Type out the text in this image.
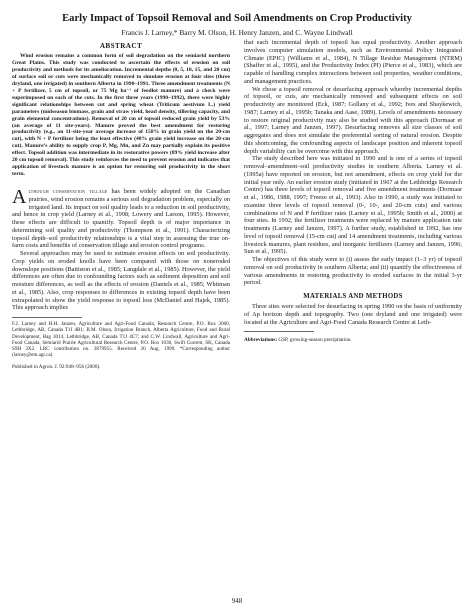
Early Impact of Topsoil Removal and Soil Amendments on Crop Productivity
Francis J. Larney,* Barry M. Olson, H. Henry Janzen, and C. Wayne Lindwall
ABSTRACT

Wind erosion remains a common form of soil degradation on the semiarid northern Great Plains. This study was conducted to ascertain the effects of erosion on soil productivity and methods for its amelioration. Incremental depths (0, 5, 10, 15, and 20 cm) of surface soil or cuts were mechanically removed to simulate erosion at four sites (three dryland, one irrigated) in southern Alberta in 1990–1991. Three amendment treatments (N + P fertilizer, 5 cm of topsoil, or 75 Mg ha⁻¹ of feedlot manure) and a check were superimposed on each of the cuts. In the first three years (1990–1992), there were highly significant relationships between cut and spring wheat (Triticum aestivum L.) yield parameters (midseason biomass, grain and straw yield, head density, tillering capacity, and grain elemental concentrations). Removal of 20 cm of topsoil reduced grain yield by 53% (an average of 11 site-years). Manure proved the best amendment for restoring productivity (e.g., an 11-site-year average increase of 158% in grain yield on the 20-cm cut), with N + P fertilizer being the least effective (40% grain yield increase on the 20-cm cut). Manure’s ability to supply crop P, Mg, Mn, and Zn may partially explain its positive effect. Topsoil addition was intermediate in its restorative powers (89% yield increase after 20 cm topsoil removal). This study reinforces the need to prevent erosion and indicates that application of livestock manure is an option for restoring soil productivity in the short term.

Although conservation tillage has been widely adopted on the Canadian prairies, wind erosion remains a serious soil degradation problem, especially on irrigated land. Its impact on soil quality leads to a reduction in soil productivity, and hence in crop yield (Larney et al., 1998; Lowery and Larson, 1995). However, these effects are difficult to quantify. Topsoil depth is of major importance in determining soil quality and productivity (Thompson et al., 1991). Characterizing topsoil depth–soil productivity relationships is a vital step in assessing the true on-farm costs and benefits of conservation tillage and erosion control programs.

Several approaches may be used to estimate erosion effects on soil productivity. Crop yields on eroded knolls have been compared with those on noneroded downslope positions (Battiston et al., 1985; Langdale et al., 1985). However, the yield differences are often due to confounding factors such as sediment deposition and soil moisture differences, as well as the effects of erosion (Daniels et al., 1985; Whitman et al., 1985). Also, crop responses to differences in existing topsoil depth have been extrapolated to show the yield response to topsoil loss (McDaniel and Hajek, 1985). This approach implies

F.J. Larney and H.H. Janzen, Agriculture and Agri-Food Canada, Research Centre, P.O. Box 3000, Lethbridge, AB, Canada T1J 4B1; B.M. Olson, Irrigation Branch, Alberta Agriculture, Food and Rural Development, Bag 3014, Lethbridge, AB, Canada T1J 4C7; and C.W. Lindwall, Agriculture and Agri-Food Canada, Semiarid Prairie Agricultural Research Centre, P.O. Box 1030, Swift Current, SK, Canada S9H 3X2. LRC contribution no. 3879955. Received 30 Aug. 1999. *Corresponding author (larney@em.agr.ca).

Published in Agron. J. 92:948–956 (2000).

that each incremental depth of topsoil has equal productivity. Another approach involves computer simulation models, such as Environmental Policy Integrated Climate (EPIC) (Williams et al., 1984), N Tillage Residue Management (NTRM) (Shaffer et al., 1995), and the Productivity Index (PI) (Pierce et al., 1983), which are capable of handling complex interactions between soil properties, weather conditions, and management practices.

We chose a topsoil removal or desurfacing approach whereby incremental depths of topsoil, or cuts, are mechanically removed and subsequent effects on soil productivity are monitored (Eck, 1987; Gollany et al., 1992; Ives and Shaykewich, 1987; Larney et al., 1995b; Tanaka and Aase, 1989). Levels of amendments necessary to restore original productivity may also be studied with this approach (Dormaar et al., 1997; Larney and Janzen, 1997). Desurfacing removes all size classes of soil aggregates and does not simulate the preferential sorting of natural erosion. Despite this shortcoming, the confounding aspects of landscape position and inherent topsoil depth variability can be overcome with this approach.

The study described here was initiated in 1990 and is one of a series of topsoil removal–amendment–soil productivity studies in southern Alberta. Larney et al. (1995a) have reported on erosion, but not amendment, effects on crop yield for the initial year only. An earlier erosion study (initiated in 1967 at the Lethbridge Research Centre) has three levels of topsoil removal and five amendment treatments (Dormaar et al., 1986, 1988, 1997; Freeze et al., 1993). Also in 1990, a study was initiated to examine three levels of topsoil removal (0-, 10-, and 20-cm cuts) and various combinations of N and P fertilizer rates (Larney et al., 1995b; Smith et al., 2000) at four sites. In 1992, the fertilizer treatments were replaced by manure application rate treatments (Larney and Janzen, 1997). A further study, established in 1992, has one level of topsoil removal (15-cm cut) and 14 amendment treatments, including various livestock manures, plant residues, and inorganic fertilizers (Larney and Janzen, 1996; Sun et al., 1995).

The objectives of this study were to (i) assess the early impact (1–3 yr) of topsoil removal on soil productivity in southern Alberta; and (ii) quantify the effectiveness of various amendments in restoring productivity to eroded surfaces in the initial 3-yr period.

MATERIALS AND METHODS

Three sites were selected for desurfacing in spring 1990 on the basis of uniformity of Ap horizon depth and topography. Two (one dryland and one irrigated) were located at the Agriculture and Agri-Food Canada Research Centre at Leth-

Abbreviations: GSP, growing-season precipitation.
948
